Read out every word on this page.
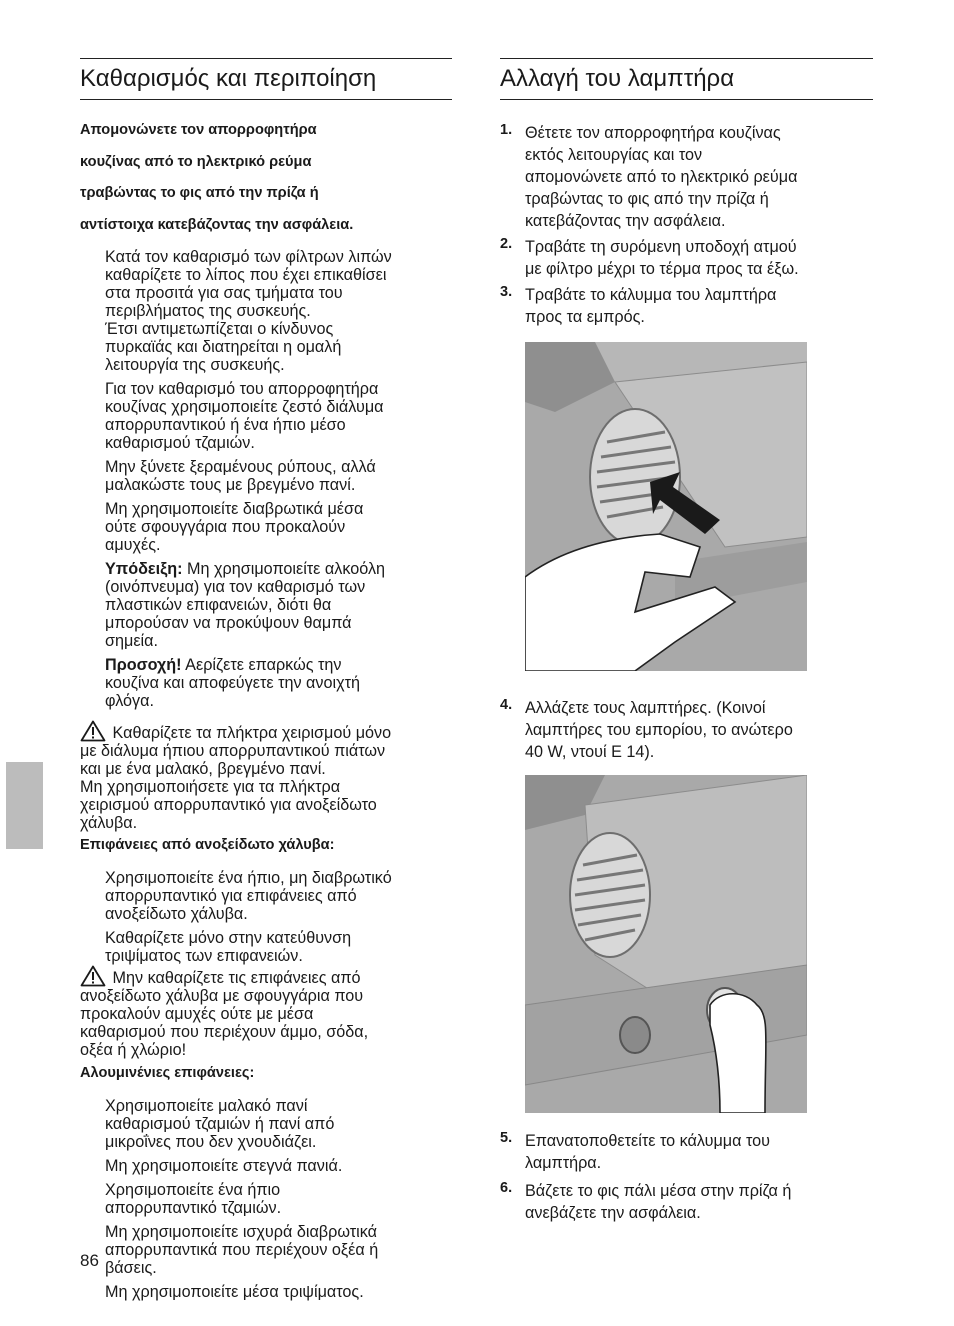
Καθαρισμός και περιποίηση

Απομονώνετε τον απορροφητήρα

κουζίνας από το ηλεκτρικό ρεύμα

τραβώντας το φις από την πρίζα ή

αντίστοιχα κατεβάζοντας την ασφάλεια.

Κατά τον καθαρισμό των φίλτρων λιπών

καθαρίζετε το λίπος που έχει επικαθίσει

στα προσιτά για σας τμήματα του

περιβλήματος της συσκευής.

Έτσι αντιμετωπίζεται ο κίνδυνος

πυρκαϊάς και διατηρείται η ομαλή

λειτουργία της συσκευής.

Για τον καθαρισμό του απορροφητήρα

κουζίνας χρησιμοποιείτε ζεστό διάλυμα

απορρυπαντικού ή ένα ήπιο μέσο

καθαρισμού τζαμιών.

Μην ξύνετε ξεραμένους ρύπους, αλλά

μαλακώστε τους με βρεγμένο πανί.

Μη χρησιμοποιείτε διαβρωτικά μέσα

ούτε σφουγγάρια που προκαλούν

αμυχές.

Υπόδειξη: Μη χρησιμοποιείτε αλκοόλη

(οινόπνευμα) για τον καθαρισμό των

πλαστικών επιφανειών, διότι θα

μπορούσαν να προκύψουν θαμπά

σημεία.

Προσοχή! Αερίζετε επαρκώς την

κουζίνα και αποφεύγετε την ανοιχτή

φλόγα.

Καθαρίζετε τα πλήκτρα χειρισμού μόνο

με διάλυμα ήπιου απορρυπαντικού πιάτων

και με ένα μαλακό, βρεγμένο πανί.

Μη χρησιμοποιήσετε για τα πλήκτρα

χειρισμού απορρυπαντικό για ανοξείδωτο

χάλυβα.

Επιφάνειες από ανοξείδωτο χάλυβα:

Χρησιμοποιείτε ένα ήπιο, μη διαβρωτικό

απορρυπαντικό για επιφάνειες από

ανοξείδωτο χάλυβα.

Καθαρίζετε μόνο στην κατεύθυνση

τριψίματος των επιφανειών.

Μην καθαρίζετε τις επιφάνειες από

ανοξείδωτο χάλυβα με σφουγγάρια που

προκαλούν αμυχές ούτε με μέσα

καθαρισμού που περιέχουν άμμο, σόδα,

οξέα ή χλώριο!

Αλουμινένιες επιφάνειες:

Χρησιμοποιείτε μαλακό πανί

καθαρισμού τζαμιών ή πανί από

μικροΐνες που δεν χνουδιάζει.

Μη χρησιμοποιείτε στεγνά πανιά.

Χρησιμοποιείτε ένα ήπιο

απορρυπαντικό τζαμιών.

Μη χρησιμοποιείτε ισχυρά διαβρωτικά

απορρυπαντικά που περιέχουν οξέα ή

βάσεις.

Μη χρησιμοποιείτε μέσα τριψίματος.

Αλλαγή του λαμπτήρα
1. Θέτετε τον απορροφητήρα κουζίνας
εκτός λειτουργίας και τον
απομονώνετε από το ηλεκτρικό ρεύμα
τραβώντας το φις από την πρίζα ή
κατεβάζοντας την ασφάλεια.
2. Τραβάτε τη συρόμενη υποδοχή ατμού
με φίλτρο μέχρι το τέρμα προς τα έξω.
3. Τραβάτε το κάλυμμα του λαμπτήρα
προς τα εμπρός.
4. Αλλάζετε τους λαμπτήρες. (Κοινοί
λαμπτήρες του εμπορίου, το ανώτερο
40 W, ντουί E 14).
5. Επανατοποθετείτε το κάλυμμα του
λαμπτήρα.
6. Βάζετε το φις πάλι μέσα στην πρίζα ή
ανεβάζετε την ασφάλεια.
86
